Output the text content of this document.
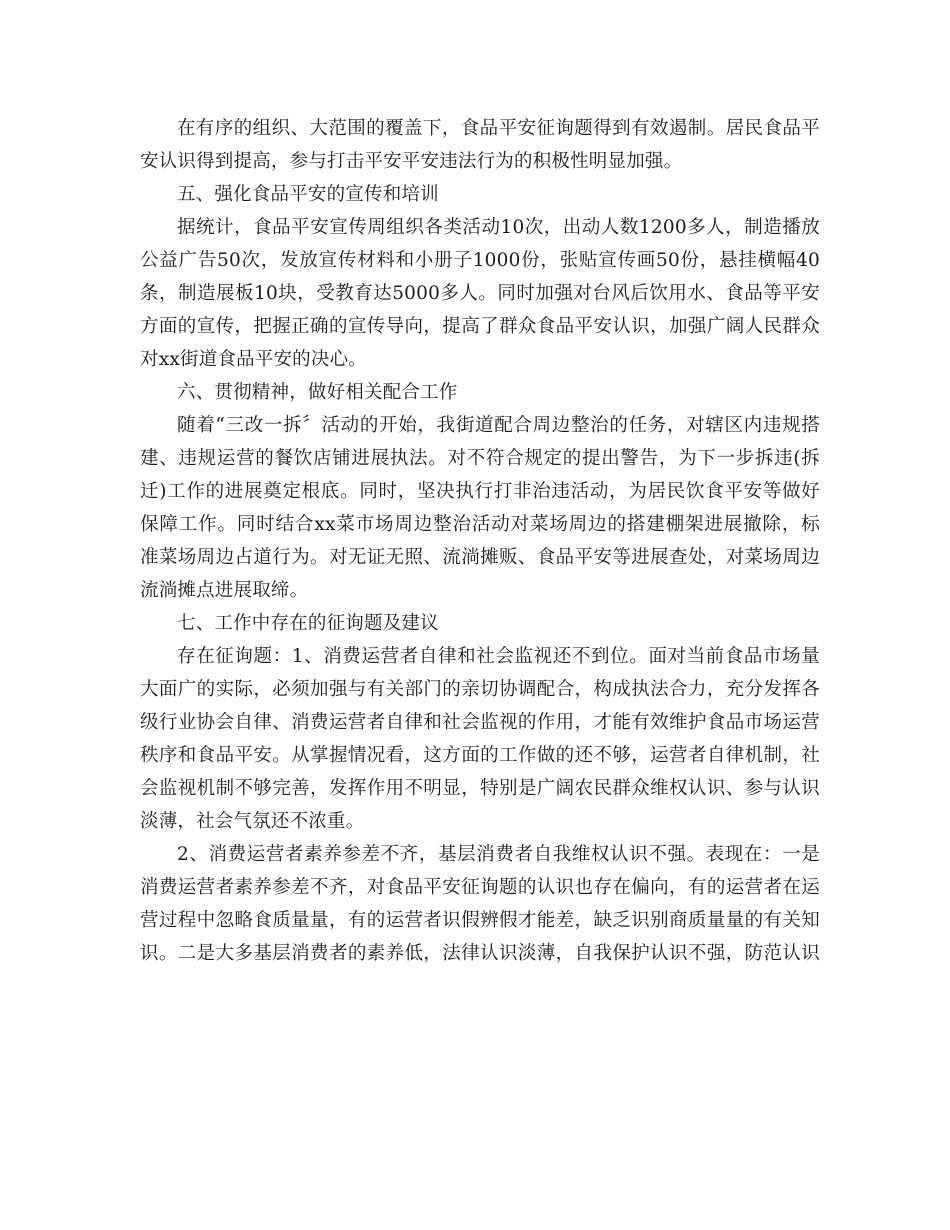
在有序的组织、大范围的覆盖下，食品平安征询题得到有效遏制。居民食品平
安认识得到提高，参与打击平安平安违法行为的积极性明显加强。
五、强化食品平安的宣传和培训
据统计，食品平安宣传周组织各类活动10次，出动人数1200多人，制造播放
公益广告50次，发放宣传材料和小册子1000份，张贴宣传画50份，悬挂横幅40
条，制造展板10块，受教育达5000多人。同时加强对台风后饮用水、食品等平安
方面的宣传，把握正确的宣传导向，提高了群众食品平安认识，加强广阔人民群众
对xx街道食品平安的决心。
六、贯彻精神，做好相关配合工作
随着“三改一拆〞活动的开始，我街道配合周边整治的任务，对辖区内违规搭
建、违规运营的餐饮店铺进展执法。对不符合规定的提出警告，为下一步拆违(拆
迁)工作的进展奠定根底。同时，坚决执行打非治违活动，为居民饮食平安等做好
保障工作。同时结合xx菜市场周边整治活动对菜场周边的搭建棚架进展撤除，标
准菜场周边占道行为。对无证无照、流淌摊贩、食品平安等进展查处，对菜场周边
流淌摊点进展取缔。
七、工作中存在的征询题及建议
存在征询题：1、消费运营者自律和社会监视还不到位。面对当前食品市场量
大面广的实际，必须加强与有关部门的亲切协调配合，构成执法合力，充分发挥各
级行业协会自律、消费运营者自律和社会监视的作用，才能有效维护食品市场运营
秩序和食品平安。从掌握情况看，这方面的工作做的还不够，运营者自律机制，社
会监视机制不够完善，发挥作用不明显，特别是广阔农民群众维权认识、参与认识
淡薄，社会气氛还不浓重。
2、消费运营者素养参差不齐，基层消费者自我维权认识不强。表现在：一是
消费运营者素养参差不齐，对食品平安征询题的认识也存在偏向，有的运营者在运
营过程中忽略食质量量，有的运营者识假辨假才能差，缺乏识别商质量量的有关知
识。二是大多基层消费者的素养低，法律认识淡薄，自我保护认识不强，防范认识
